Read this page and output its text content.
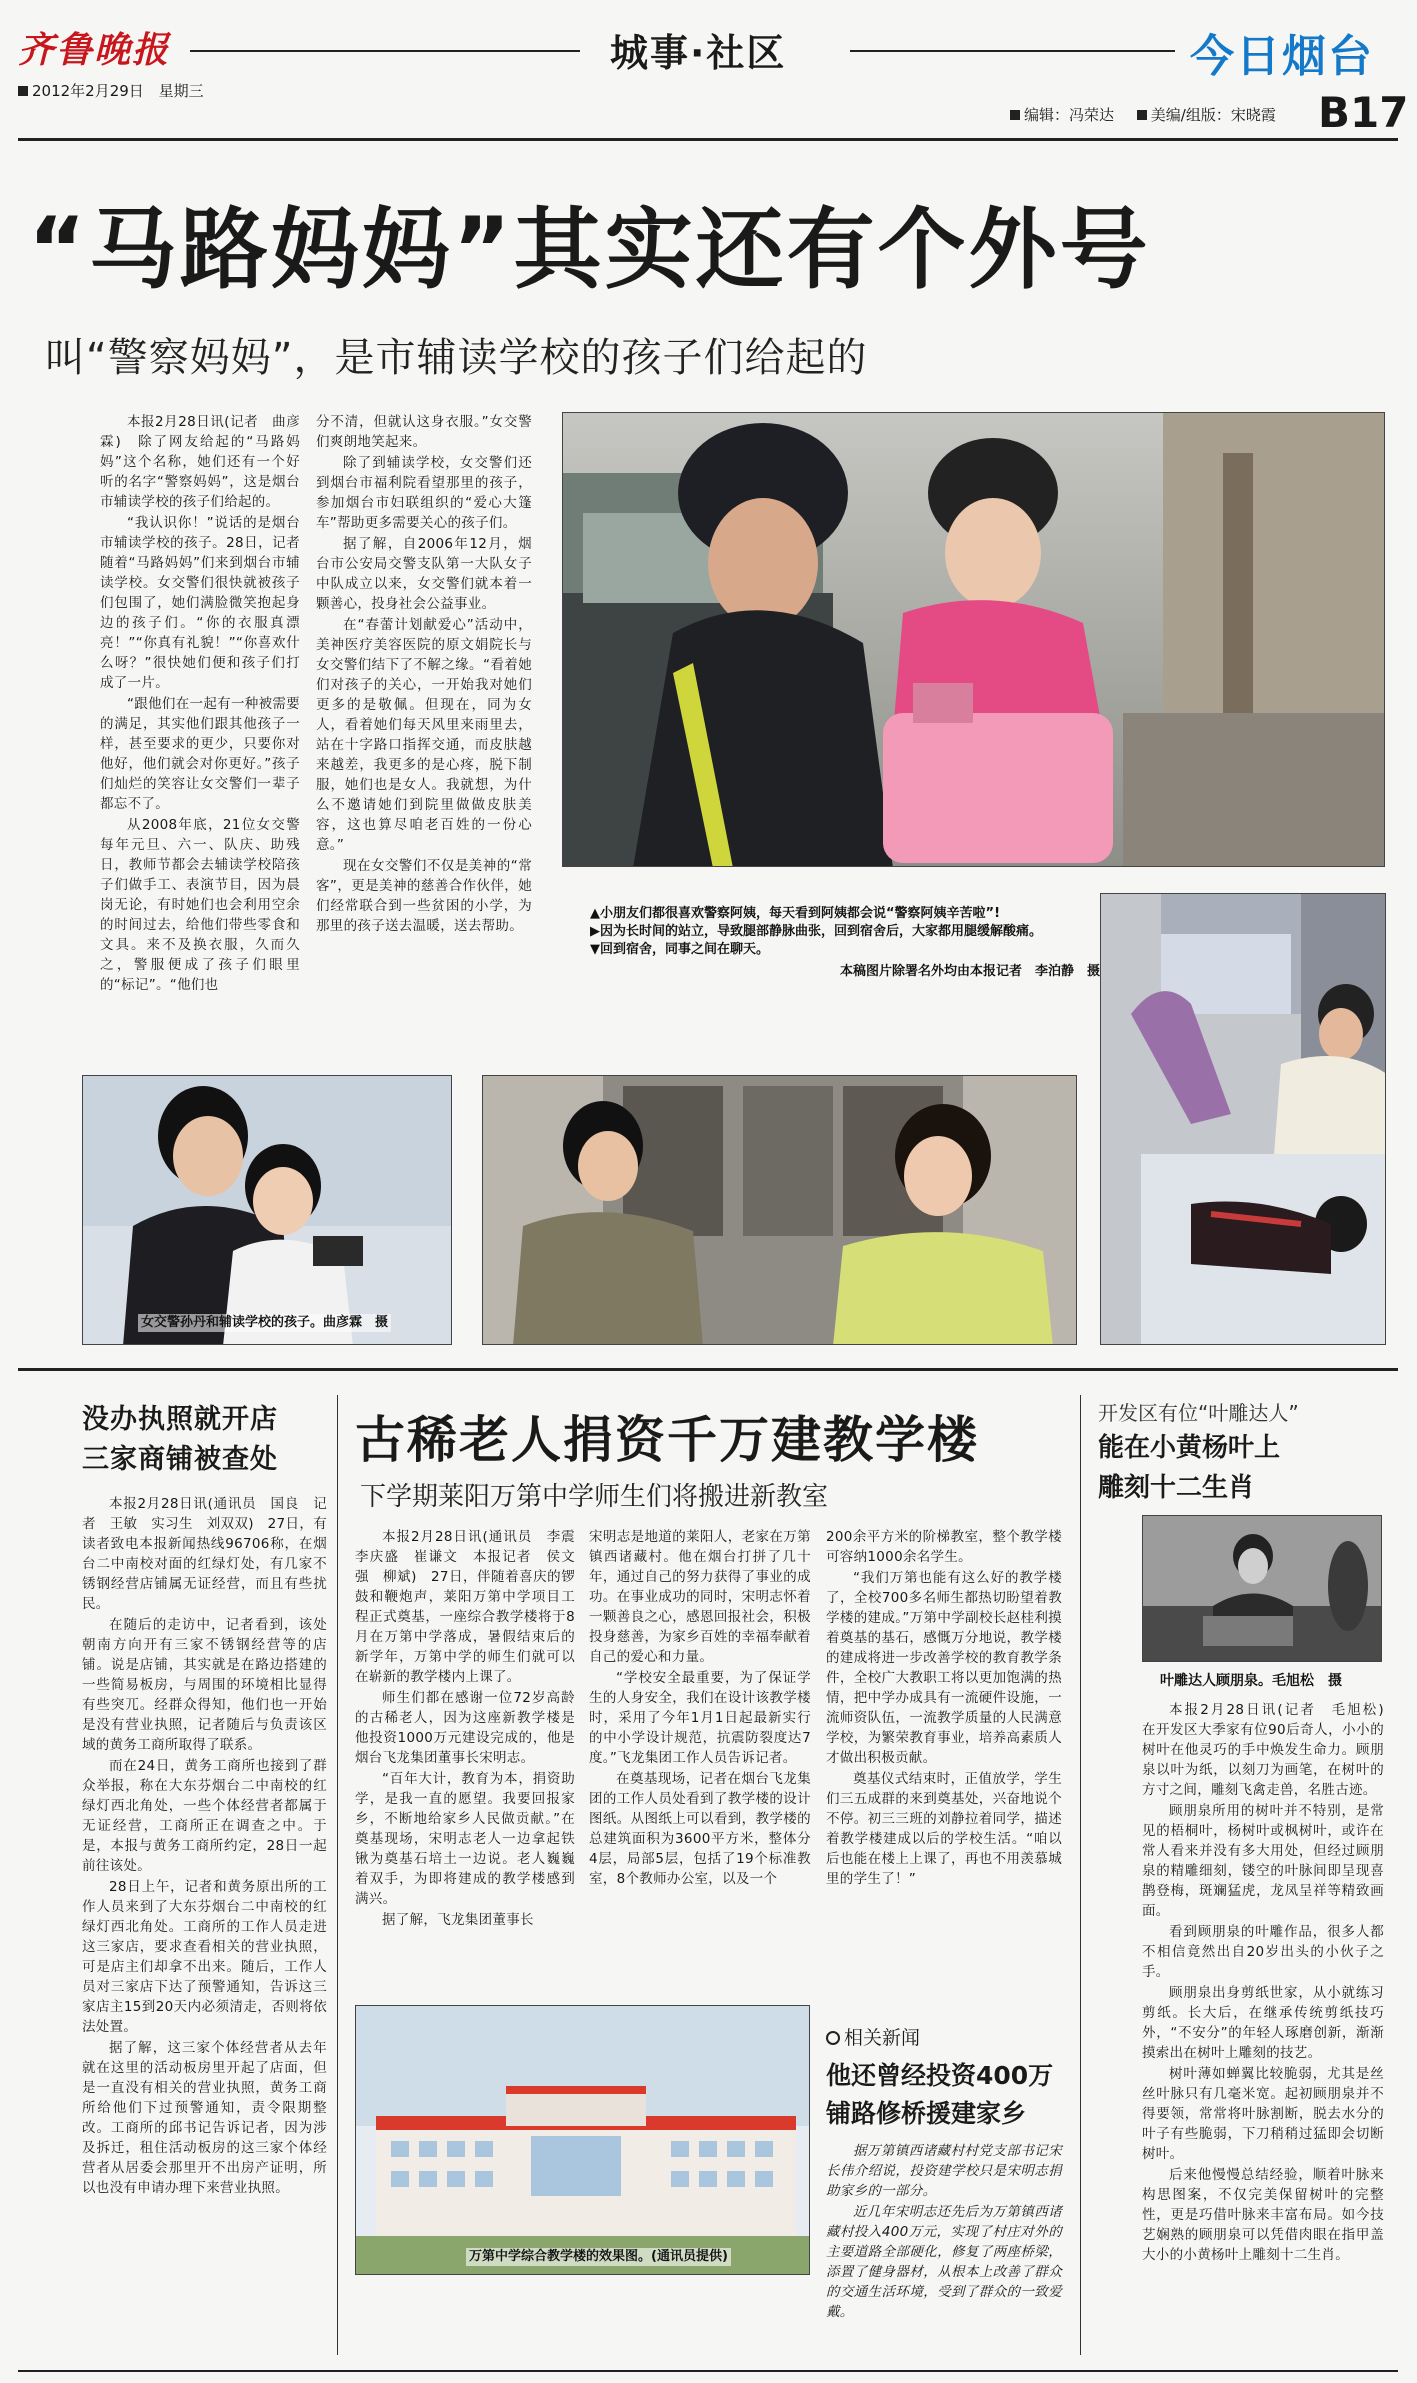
齐鲁晚报	城事·社区	今日烟台
2012年2月29日 星期三
编辑：冯荣达 美编/组版：宋晓霞 B17
“马路妈妈”其实还有个外号
叫“警察妈妈”，是市辅读学校的孩子们给起的

本报2月28日讯(记者　曲彦霖)　除了网友给起的“马路妈妈”这个名称，她们还有一个好听的名字“警察妈妈”，这是烟台市辅读学校的孩子们给起的。

“我认识你！”说话的是烟台市辅读学校的孩子。28日，记者随着“马路妈妈”们来到烟台市辅读学校。女交警们很快就被孩子们包围了，她们满脸微笑抱起身边的孩子们。“你的衣服真漂亮！”“你真有礼貌！”“你喜欢什么呀？”很快她们便和孩子们打成了一片。

“跟他们在一起有一种被需要的满足，其实他们跟其他孩子一样，甚至要求的更少，只要你对他好，他们就会对你更好。”孩子们灿烂的笑容让女交警们一辈子都忘不了。

从2008年底，21位女交警每年元旦、六一、队庆、助残日，教师节都会去辅读学校陪孩子们做手工、表演节目，因为晨岗无论，有时她们也会利用空余的时间过去，给他们带些零食和文具。来不及换衣服，久而久之，警服便成了孩子们眼里的“标记”。“他们也

分不清，但就认这身衣服。”女交警们爽朗地笑起来。

除了到辅读学校，女交警们还到烟台市福利院看望那里的孩子，参加烟台市妇联组织的“爱心大篷车”帮助更多需要关心的孩子们。

据了解，自2006年12月，烟台市公安局交警支队第一大队女子中队成立以来，女交警们就本着一颗善心，投身社会公益事业。

在“春蕾计划献爱心”活动中，美神医疗美容医院的原文娟院长与女交警们结下了不解之缘。“看着她们对孩子的关心，一开始我对她们更多的是敬佩。但现在，同为女人，看着她们每天风里来雨里去，站在十字路口指挥交通，而皮肤越来越差，我更多的是心疼，脱下制服，她们也是女人。我就想，为什么不邀请她们到院里做做皮肤美容，这也算尽咱老百姓的一份心意。”

现在女交警们不仅是美神的“常客”，更是美神的慈善合作伙伴，她们经常联合到一些贫困的小学，为那里的孩子送去温暖，送去帮助。

▲小朋友们都很喜欢警察阿姨，每天看到阿姨都会说“警察阿姨辛苦啦”!

▶因为长时间的站立，导致腿部静脉曲张，回到宿舍后，大家都用腿缓解酸痛。

▼回到宿舍，同事之间在聊天。

本稿图片除署名外均由本报记者　李泊静　摄

女交警孙丹和辅读学校的孩子。曲彦霖　摄
没办执照就开店
三家商铺被查处

本报2月28日讯(通讯员　国良　记者　王敏　实习生　刘双双)　27日，有读者致电本报新闻热线96706称，在烟台二中南校对面的红绿灯处，有几家不锈钢经营店铺属无证经营，而且有些扰民。

在随后的走访中，记者看到，该处朝南方向开有三家不锈钢经营等的店铺。说是店铺，其实就是在路边搭建的一些简易板房，与周围的环境相比显得有些突兀。经群众得知，他们也一开始是没有营业执照，记者随后与负责该区域的黄务工商所取得了联系。

而在24日，黄务工商所也接到了群众举报，称在大东芬烟台二中南校的红绿灯西北角处，一些个体经营者都属于无证经营，工商所正在调查之中。于是，本报与黄务工商所约定，28日一起前往该处。

28日上午，记者和黄务原出所的工作人员来到了大东芬烟台二中南校的红绿灯西北角处。工商所的工作人员走进这三家店，要求查看相关的营业执照，可是店主们却拿不出来。随后，工作人员对三家店下达了预警通知，告诉这三家店主15到20天内必须清走，否则将依法处置。

据了解，这三家个体经营者从去年就在这里的活动板房里开起了店面，但是一直没有相关的营业执照，黄务工商所给他们下过预警通知，责令限期整改。工商所的邱书记告诉记者，因为涉及拆迁，租住活动板房的这三家个体经营者从居委会那里开不出房产证明，所以也没有申请办理下来营业执照。

古稀老人捐资千万建教学楼
下学期莱阳万第中学师生们将搬进新教室

本报2月28日讯(通讯员　李震　李庆盛　崔谦文　本报记者　侯文强　柳斌)　27日，伴随着喜庆的锣鼓和鞭炮声，莱阳万第中学项目工程正式奠基，一座综合教学楼将于8月在万第中学落成，暑假结束后的新学年，万第中学的师生们就可以在崭新的教学楼内上课了。

师生们都在感谢一位72岁高龄的古稀老人，因为这座新教学楼是他投资1000万元建设完成的，他是烟台飞龙集团董事长宋明志。

“百年大计，教育为本，捐资助学，是我一直的愿望。我要回报家乡，不断地给家乡人民做贡献。”在奠基现场，宋明志老人一边拿起铁锹为奠基石培土一边说。老人巍巍着双手，为即将建成的教学楼感到满兴。

据了解，飞龙集团董事长

宋明志是地道的莱阳人，老家在万第镇西诸藏村。他在烟台打拼了几十年，通过自己的努力获得了事业的成功。在事业成功的同时，宋明志怀着一颗善良之心，感恩回报社会，积极投身慈善，为家乡百姓的幸福奉献着自己的爱心和力量。

“学校安全最重要，为了保证学生的人身安全，我们在设计该教学楼时，采用了今年1月1日起最新实行的中小学设计规范，抗震防裂度达7度。”飞龙集团工作人员告诉记者。

在奠基现场，记者在烟台飞龙集团的工作人员处看到了教学楼的设计图纸。从图纸上可以看到，教学楼的总建筑面积为3600平方米，整体分4层，局部5层，包括了19个标准教室，8个教师办公室，以及一个

200余平方米的阶梯教室，整个教学楼可容纳1000余名学生。

“我们万第也能有这么好的教学楼了，全校700多名师生都热切盼望着教学楼的建成。”万第中学副校长赵桂利摸着奠基的基石，感慨万分地说，教学楼的建成将进一步改善学校的教育教学条件，全校广大教职工将以更加饱满的热情，把中学办成具有一流硬件设施，一流师资队伍，一流教学质量的人民满意学校，为繁荣教育事业，培养高素质人才做出积极贡献。

奠基仪式结束时，正值放学，学生们三五成群的来到奠基处，兴奋地说个不停。初三三班的刘静拉着同学，描述着教学楼建成以后的学校生活。“咱以后也能在楼上上课了，再也不用羡慕城里的学生了！”

万第中学综合教学楼的效果图。(通讯员提供)
相关新闻
他还曾经投资400万
铺路修桥援建家乡

据万第镇西诸藏村村党支部书记宋长伟介绍说，投资建学校只是宋明志捐助家乡的一部分。

近几年宋明志还先后为万第镇西诸藏村投入400万元，实现了村庄对外的主要道路全部硬化，修复了两座桥梁，添置了健身器材，从根本上改善了群众的交通生活环境，受到了群众的一致爱戴。

开发区有位“叶雕达人”
能在小黄杨叶上
雕刻十二生肖
叶雕达人顾朋泉。毛旭松　摄

本报2月28日讯(记者　毛旭松)　在开发区大季家有位90后奇人，小小的树叶在他灵巧的手中焕发生命力。顾朋泉以叶为纸，以刻刀为画笔，在树叶的方寸之间，雕刻飞禽走兽，名胜古迹。

顾朋泉所用的树叶并不特别，是常见的梧桐叶，杨树叶或枫树叶，或许在常人看来并没有多大用处，但经过顾朋泉的精雕细刻，镂空的叶脉间即呈现喜鹊登梅，斑斓猛虎，龙凤呈祥等精致画面。

看到顾朋泉的叶雕作品，很多人都不相信竟然出自20岁出头的小伙子之手。

顾朋泉出身剪纸世家，从小就练习剪纸。长大后，在继承传统剪纸技巧外，“不安分”的年轻人琢磨创新，渐渐摸索出在树叶上雕刻的技艺。

树叶薄如蝉翼比较脆弱，尤其是丝丝叶脉只有几毫米宽。起初顾朋泉并不得要领，常常将叶脉割断，脱去水分的叶子有些脆弱，下刀稍稍过猛即会切断树叶。

后来他慢慢总结经验，顺着叶脉来构思图案，不仅完美保留树叶的完整性，更是巧借叶脉来丰富布局。如今技艺娴熟的顾朋泉可以凭借肉眼在指甲盖大小的小黄杨叶上雕刻十二生肖。
